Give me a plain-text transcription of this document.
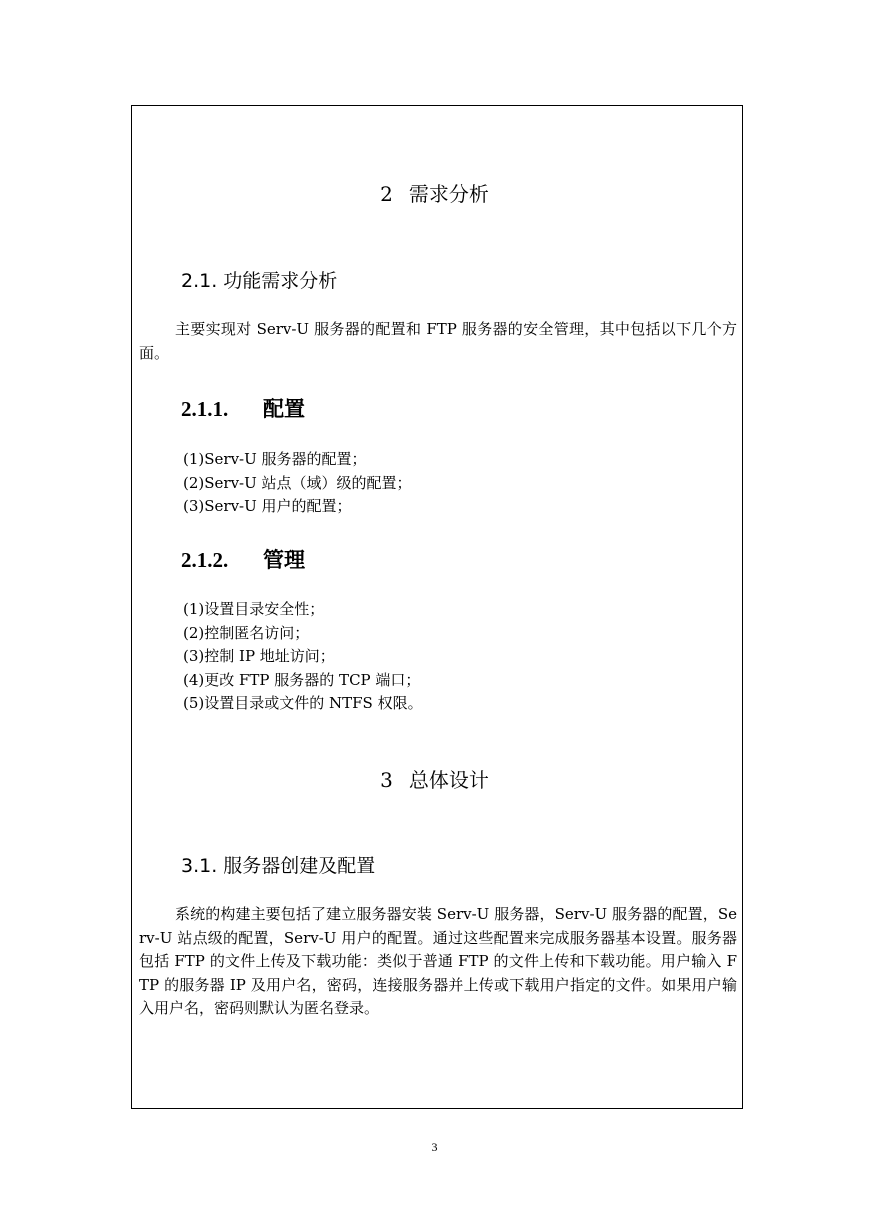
2 需求分析
2.1. 功能需求分析
主要实现对 Serv-U 服务器的配置和 FTP 服务器的安全管理，其中包括以下几个方面。
2.1.1. 配置
(1)Serv-U 服务器的配置；
(2)Serv-U 站点（域）级的配置；
(3)Serv-U 用户的配置；
2.1.2. 管理
(1)设置目录安全性；
(2)控制匿名访问；
(3)控制 IP 地址访问；
(4)更改 FTP 服务器的 TCP 端口；
(5)设置目录或文件的 NTFS 权限。
3 总体设计
3.1. 服务器创建及配置
系统的构建主要包括了建立服务器安装 Serv-U 服务器，Serv-U 服务器的配置，Serv-U 站点级的配置，Serv-U 用户的配置。通过这些配置来完成服务器基本设置。服务器包括 FTP 的文件上传及下载功能：类似于普通 FTP 的文件上传和下载功能。用户输入 FTP 的服务器 IP 及用户名，密码，连接服务器并上传或下载用户指定的文件。如果用户输入用户名，密码则默认为匿名登录。
3
